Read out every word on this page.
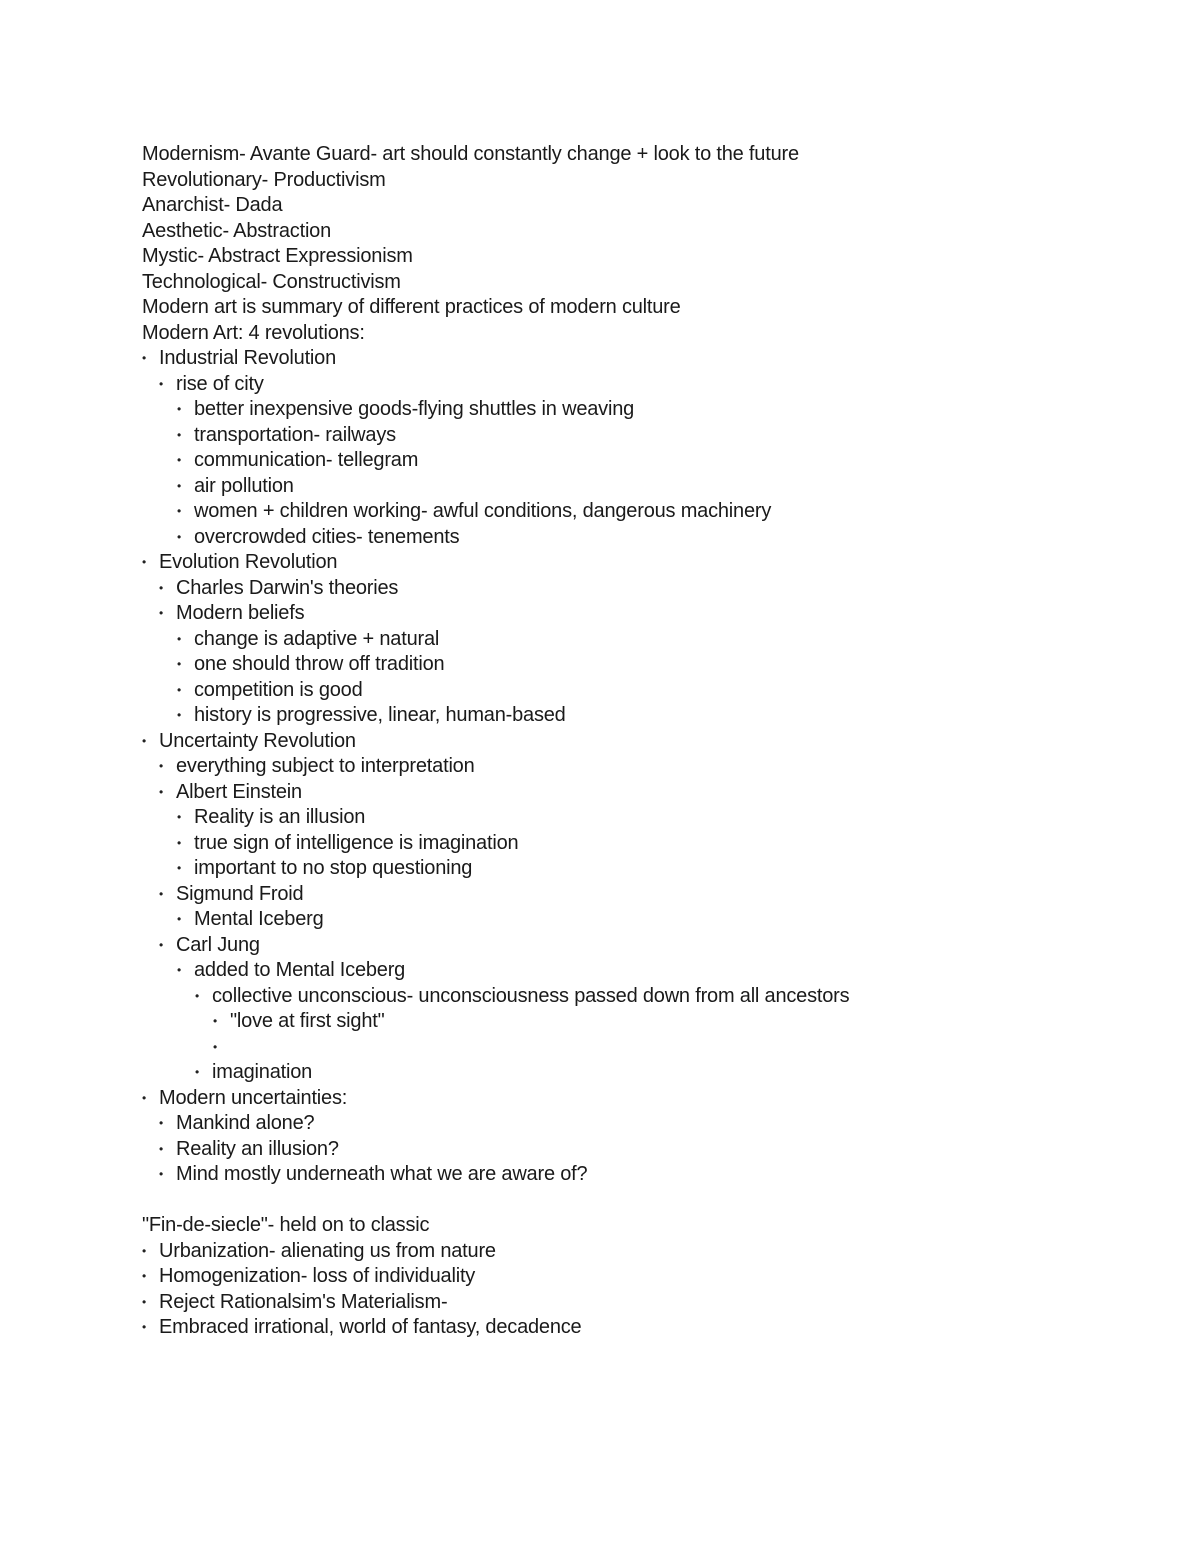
Modernism- Avante Guard- art should constantly change + look to the future
Revolutionary- Productivism
Anarchist- Dada
Aesthetic- Abstraction
Mystic- Abstract Expressionism
Technological- Constructivism
Modern art is summary of different practices of modern culture
Modern Art: 4 revolutions:
• Industrial Revolution
• rise of city
• better inexpensive goods-flying shuttles in weaving
• transportation- railways
• communication- tellegram
• air pollution
• women + children working- awful conditions, dangerous machinery
• overcrowded cities- tenements
• Evolution Revolution
• Charles Darwin's theories
• Modern beliefs
• change is adaptive + natural
• one should throw off tradition
• competition is good
• history is progressive, linear, human-based
• Uncertainty Revolution
• everything subject to interpretation
• Albert Einstein
• Reality is an illusion
• true sign of intelligence is imagination
• important to no stop questioning
• Sigmund Froid
• Mental Iceberg
• Carl Jung
• added to Mental Iceberg
• collective unconscious- unconsciousness passed down from all ancestors
• "love at first sight"
•
• imagination
• Modern uncertainties:
• Mankind alone?
• Reality an illusion?
• Mind mostly underneath what we are aware of?
"Fin-de-siecle"- held on to classic
• Urbanization- alienating us from nature
• Homogenization- loss of individuality
• Reject Rationalsim's Materialism-
• Embraced irrational, world of fantasy, decadence
